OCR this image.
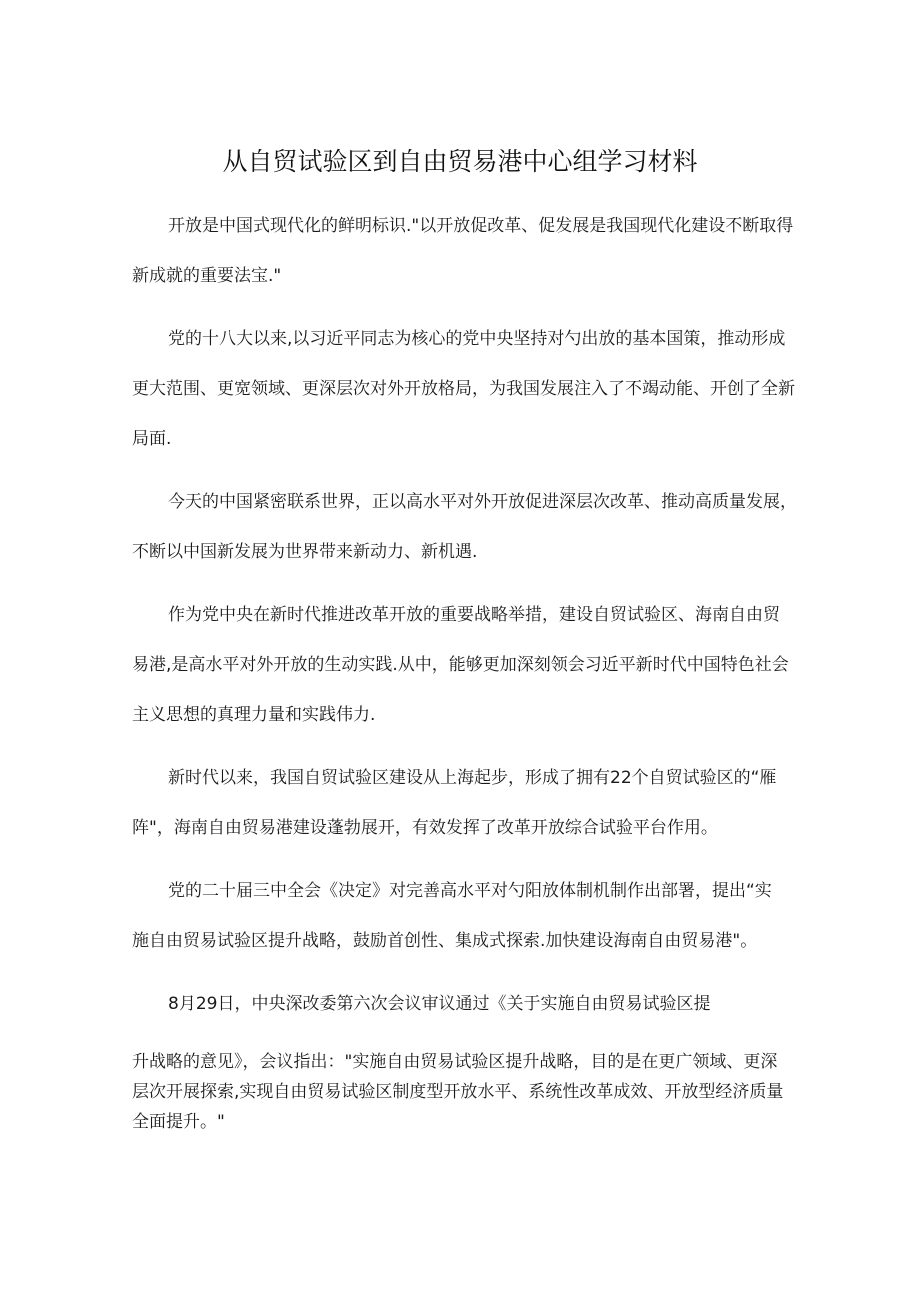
从自贸试验区到自由贸易港中心组学习材料

开放是中国式现代化的鲜明标识."以开放促改革、促发展是我国现代化建设不断取得

新成就的重要法宝."

党的十八大以来,以习近平同志为核心的党中央坚持对勺出放的基本国策，推动形成

更大范围、更宽领域、更深层次对外开放格局，为我国发展注入了不竭动能、开创了全新

局面.

今天的中国紧密联系世界，正以高水平对外开放促进深层次改革、推动高质量发展，

不断以中国新发展为世界带来新动力、新机遇.

作为党中央在新时代推进改革开放的重要战略举措，建设自贸试验区、海南自由贸

易港,是高水平对外开放的生动实践.从中，能够更加深刻领会习近平新时代中国特色社会

主义思想的真理力量和实践伟力.

新时代以来，我国自贸试验区建设从上海起步，形成了拥有22个自贸试验区的“雁

阵"，海南自由贸易港建设蓬勃展开，有效发挥了改革开放综合试验平台作用。

党的二十届三中全会《决定》对完善高水平对勺阳放体制机制作出部署，提出“实

施自由贸易试验区提升战略，鼓励首创性、集成式探索.加快建设海南自由贸易港"。

8月29日，中央深改委第六次会议审议通过《关于实施自由贸易试验区提

升战略的意见》，会议指出："实施自由贸易试验区提升战略，目的是在更广领域、更深

层次开展探索,实现自由贸易试验区制度型开放水平、系统性改革成效、开放型经济质量

全面提升。"
